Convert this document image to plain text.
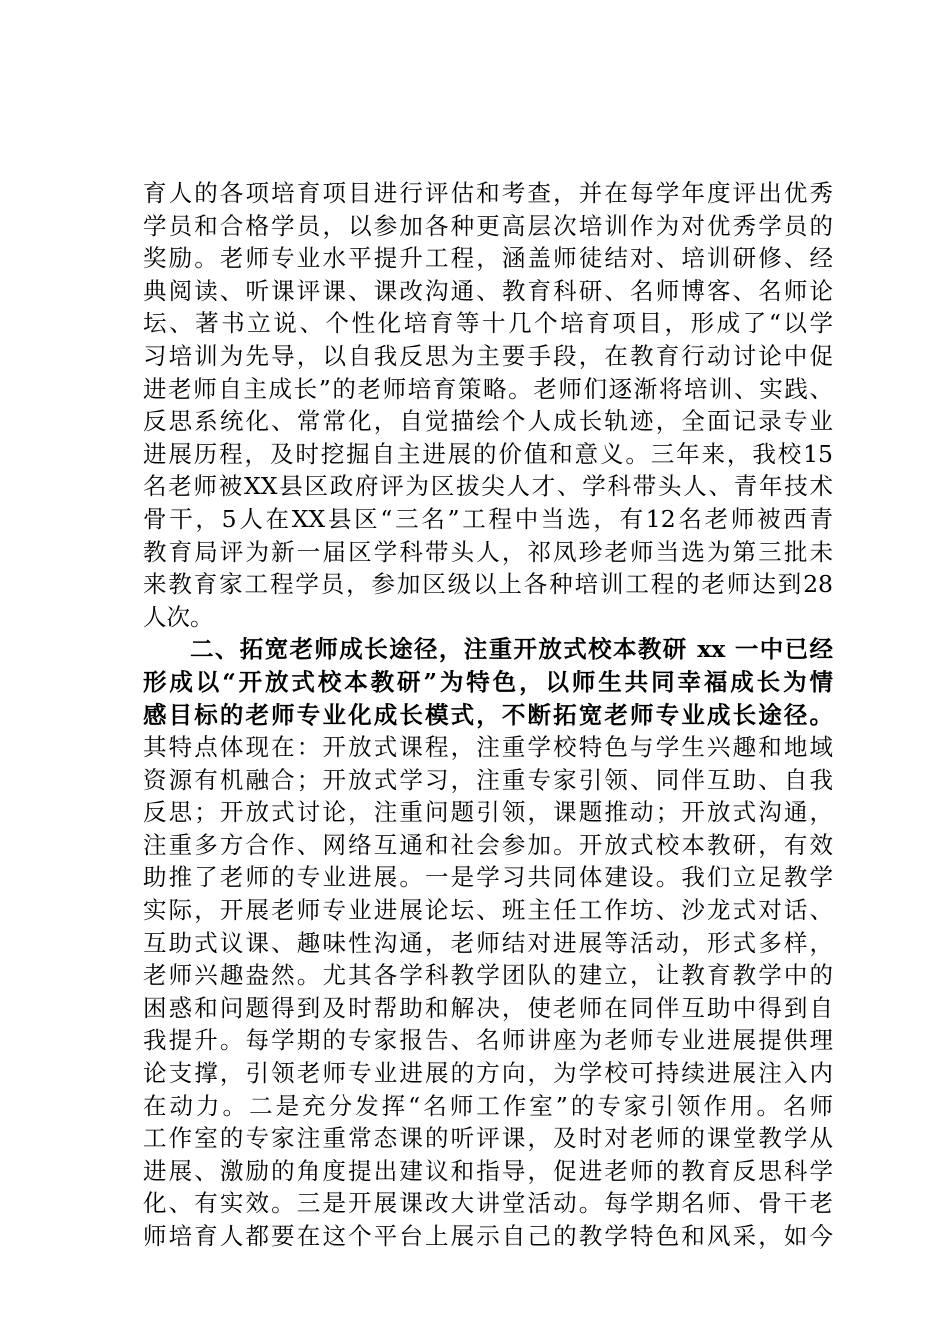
育人的各项培育项目进行评估和考查，并在每学年度评出优秀
学员和合格学员，以参加各种更高层次培训作为对优秀学员的
奖励。老师专业水平提升工程，涵盖师徒结对、培训研修、经
典阅读、听课评课、课改沟通、教育科研、名师博客、名师论
坛、著书立说、个性化培育等十几个培育项目，形成了“以学
习培训为先导，以自我反思为主要手段，在教育行动讨论中促
进老师自主成长”的老师培育策略。老师们逐渐将培训、实践、
反思系统化、常常化，自觉描绘个人成长轨迹，全面记录专业
进展历程，及时挖掘自主进展的价值和意义。三年来，我校15
名老师被XX县区政府评为区拔尖人才、学科带头人、青年技术
骨干，5人在XX县区“三名”工程中当选，有12名老师被西青
教育局评为新一届区学科带头人，祁凤珍老师当选为第三批未
来教育家工程学员，参加区级以上各种培训工程的老师达到28
人次。
二、拓宽老师成长途径，注重开放式校本教研 xx 一中已经
形成以“开放式校本教研”为特色，以师生共同幸福成长为情
感目标的老师专业化成长模式，不断拓宽老师专业成长途径。
其特点体现在：开放式课程，注重学校特色与学生兴趣和地域
资源有机融合；开放式学习，注重专家引领、同伴互助、自我
反思；开放式讨论，注重问题引领，课题推动；开放式沟通，
注重多方合作、网络互通和社会参加。开放式校本教研，有效
助推了老师的专业进展。一是学习共同体建设。我们立足教学
实际，开展老师专业进展论坛、班主任工作坊、沙龙式对话、
互助式议课、趣味性沟通，老师结对进展等活动，形式多样，
老师兴趣盎然。尤其各学科教学团队的建立，让教育教学中的
困惑和问题得到及时帮助和解决，使老师在同伴互助中得到自
我提升。每学期的专家报告、名师讲座为老师专业进展提供理
论支撑，引领老师专业进展的方向，为学校可持续进展注入内
在动力。二是充分发挥“名师工作室”的专家引领作用。名师
工作室的专家注重常态课的听评课，及时对老师的课堂教学从
进展、激励的角度提出建议和指导，促进老师的教育反思科学
化、有实效。三是开展课改大讲堂活动。每学期名师、骨干老
师培育人都要在这个平台上展示自己的教学特色和风采，如今
